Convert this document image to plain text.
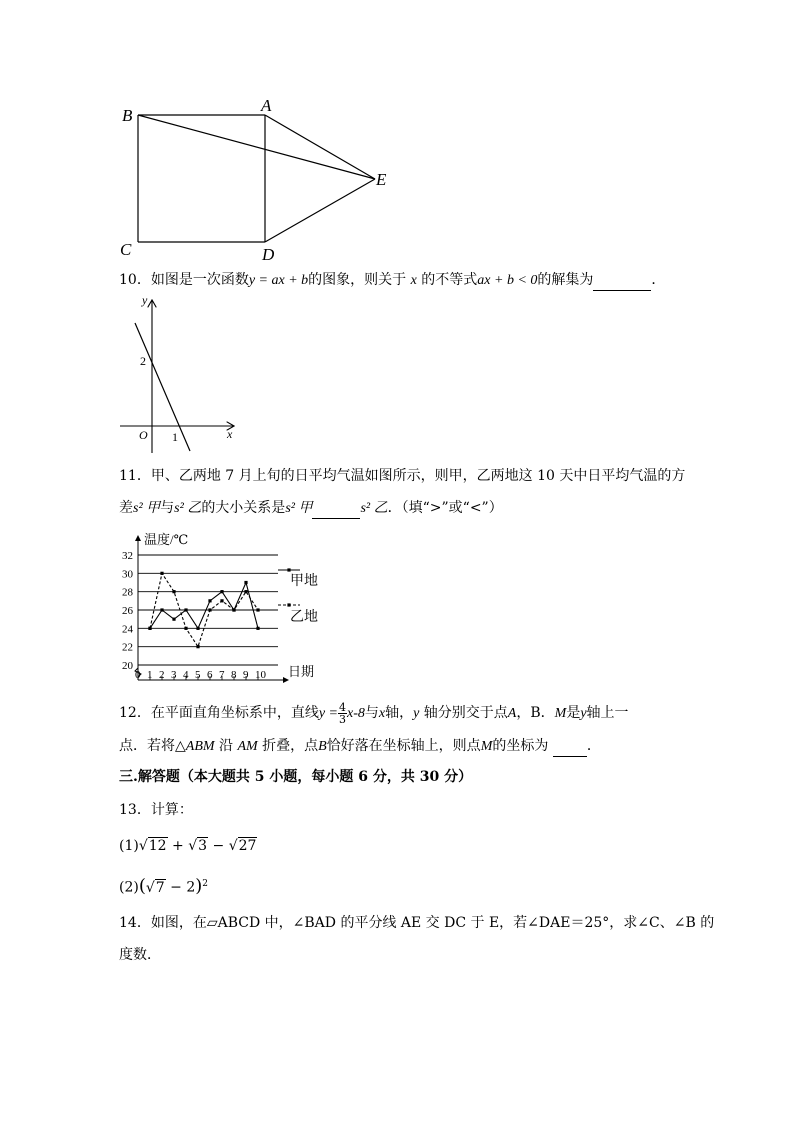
B
A
E
C	D
10．如图是一次函数y = ax + b的图象，则关于 x 的不等式ax + b < 0的解集为	．
y
x
O
2
1
11．甲、乙两地 7 月上旬的日平均气温如图所示，则甲，乙两地这 10 天中日平均气温的方
差s² 甲与s² 乙的大小关系是s² 甲	s² 乙．（填“>”或“<”）
32
30
28
26
24
22
20
0 1 2 3 4 5 6 7 8 9 10
温度/℃
日期
甲地
乙地
12．在平面直角坐标系中，直线$y = \frac{4}{3} x-8$与x轴，y 轴分别交于点A，B．M是y轴上一
点．若将△ABM 沿 AM 折叠，点B恰好落在坐标轴上，则点M的坐标为	．
三.解答题（本大题共 5 小题，每小题 6 分，共 30 分）
13．计算：
(1)√12 + √3 − √27
$(2)(√7 - 2)^2$
14．如图，在▱ABCD 中，∠BAD 的平分线 AE 交 DC 于 E，若∠DAE＝25°，求∠C、∠B 的
度数．
